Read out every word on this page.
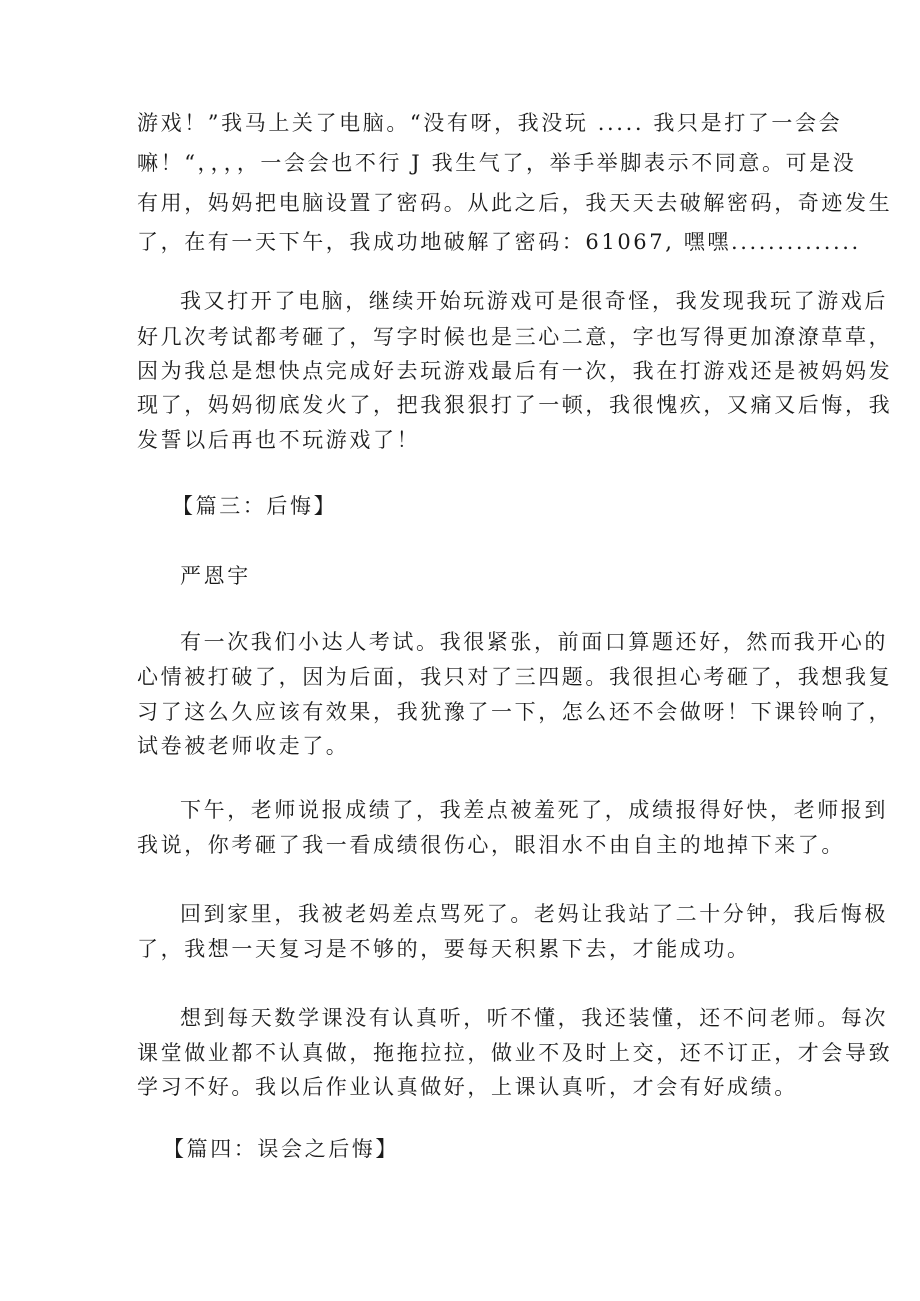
游戏！”我马上关了电脑。“没有呀，我没玩 ..... 我只是打了一会会
嘛！“，，，，一会会也不行 J 我生气了，举手举脚表示不同意。可是没
有用，妈妈把电脑设置了密码。从此之后，我天天去破解密码，奇迹发生
了，在有一天下午，我成功地破解了密码：61067, 嘿嘿..............
我又打开了电脑，继续开始玩游戏可是很奇怪，我发现我玩了游戏后
好几次考试都考砸了，写字时候也是三心二意，字也写得更加潦潦草草，
因为我总是想快点完成好去玩游戏最后有一次，我在打游戏还是被妈妈发
现了，妈妈彻底发火了，把我狠狠打了一顿，我很愧疚，又痛又后悔，我
发誓以后再也不玩游戏了！
【篇三：后悔】
严恩宇
有一次我们小达人考试。我很紧张，前面口算题还好，然而我开心的
心情被打破了，因为后面，我只对了三四题。我很担心考砸了，我想我复
习了这么久应该有效果，我犹豫了一下，怎么还不会做呀！下课铃响了，
试卷被老师收走了。
下午，老师说报成绩了，我差点被羞死了，成绩报得好快，老师报到
我说，你考砸了我一看成绩很伤心，眼泪水不由自主的地掉下来了。
回到家里，我被老妈差点骂死了。老妈让我站了二十分钟，我后悔极
了，我想一天复习是不够的，要每天积累下去，才能成功。
想到每天数学课没有认真听，听不懂，我还装懂，还不问老师。每次
课堂做业都不认真做，拖拖拉拉，做业不及时上交，还不订正，才会导致
学习不好。我以后作业认真做好，上课认真听，才会有好成绩。
【篇四：误会之后悔】
